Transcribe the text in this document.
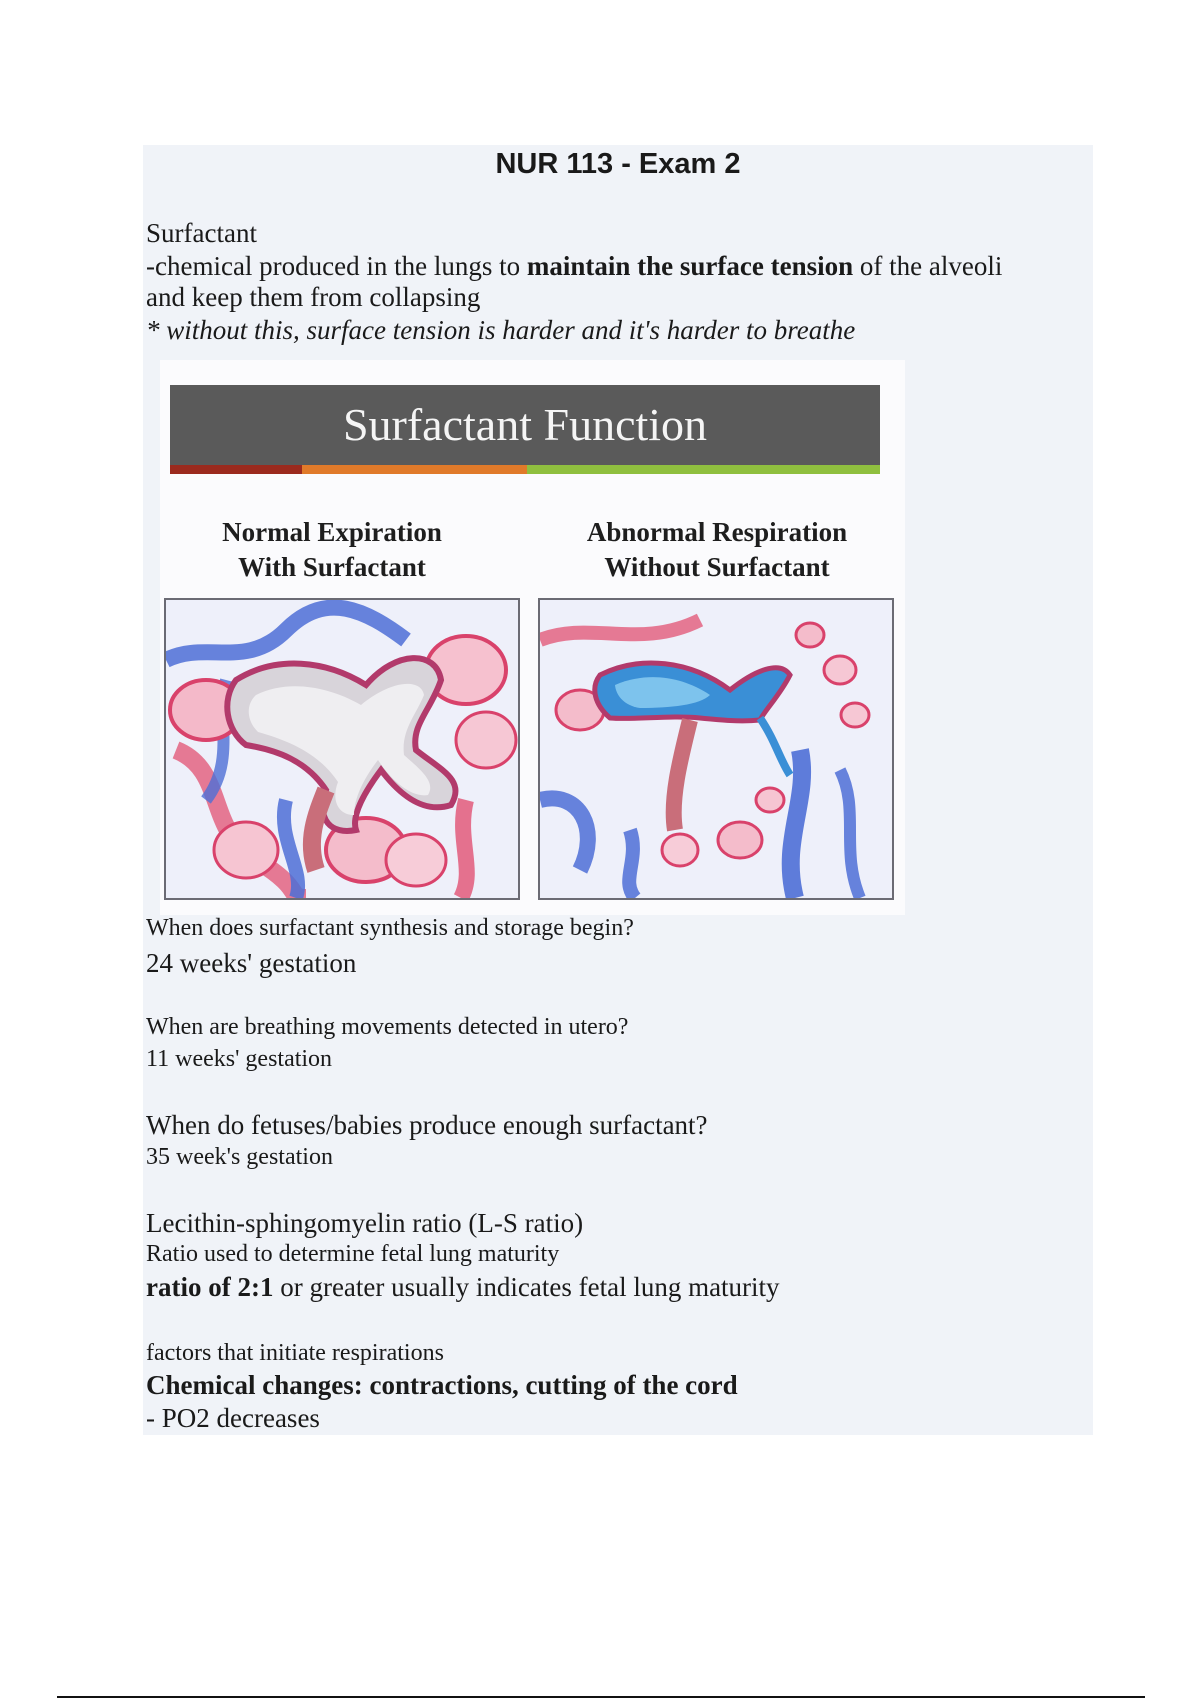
NUR 113 - Exam 2

Surfactant

-chemical produced in the lungs to maintain the surface tension of the alveoli

and keep them from collapsing

* without this, surface tension is harder and it's harder to breathe

Surfactant Function
Normal Expiration
With Surfactant
Abnormal Respiration
Without Surfactant

When does surfactant synthesis and storage begin?

24 weeks' gestation

When are breathing movements detected in utero?

11 weeks' gestation

When do fetuses/babies produce enough surfactant?

35 week's gestation

Lecithin-sphingomyelin ratio (L-S ratio)

Ratio used to determine fetal lung maturity

ratio of 2:1 or greater usually indicates fetal lung maturity

factors that initiate respirations

Chemical changes: contractions, cutting of the cord

- PO2 decreases
